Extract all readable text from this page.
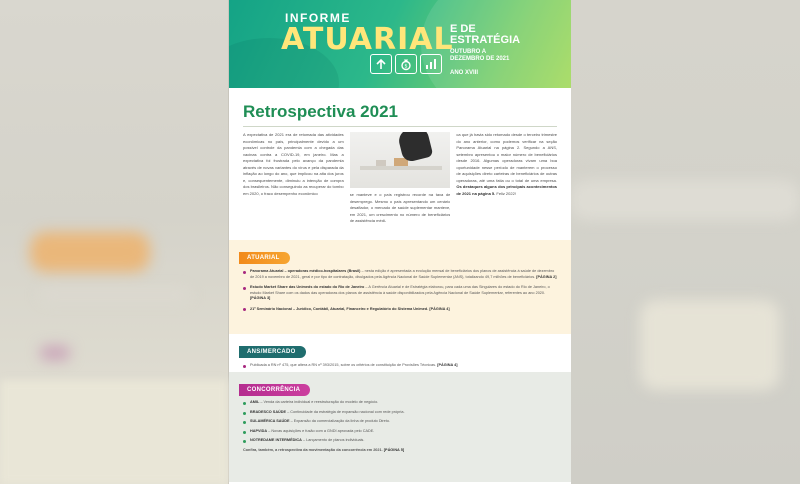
INFORME
ATUARIAL
E DE
ESTRATÉGIA
OUTUBRO A
DEZEMBRO DE 2021
ANO XVIII
$
Retrospectiva 2021

A expectativa de 2021 era de retomada das atividades econômicas no país, principalmente devido a um possível controle da pandemia com a chegada das vacinas contra a COVID-19, em janeiro. Mas a expectativa foi frustrada pelo avanço da pandemia através de novas variantes do vírus e pela disparada da inflação ao longo do ano, que implicou na alta dos juros e, consequentemente, diminuiu a intenção de compra dos brasileiros. Não conseguindo as recuperar do tombo em 2020, o fraco desempenho econômico	se manteve e o país registrou recorde na taxa de desemprego. Mesmo o país apresentando um cenário desafiador, o mercado de saúde suplementar manteve, em 2021, um crescimento no número de beneficiários de assistência médi-

ca que já havia sido retomado desde o terceiro trimestre do ano anterior, como podemos verificar na seção Panorama Atuarial na página 2. Segundo a ANS, setembro apresentou o maior número de beneficiários desde 2016. Algumas operadoras vivam uma boa oportunidade nesse período de manterem o processo de aquisições direto carteiras de beneficiários de outras operadoras, até uma fatia ou o total de uma empresa. Os destaques alguns dos principais acontecimentos de 2021 na página 5. Feliz 2022!

ATUARIAL
Panorama Atuarial – operadoras médico-hospitalares (Brasil) – nesta edição é apresentada a evolução mensal de beneficiários dos planos de assistência à saúde de dezembro de 2019 a novembro de 2021, geral e por tipo de contratação, divulgados pela Agência Nacional de Saúde Suplementar (ANS), totalizando 49,7 milhões de beneficiários. [PÁGINA 2]
Estudo Market Share das Unimeds do estado do Rio de Janeiro – A Gerência Atuarial e de Estratégia elaborou, para cada uma das Singulares do estado do Rio de Janeiro, o estudo Market Share com os dados das operadoras dos planos de assistência à saúde disponibilizados pela Agência Nacional de Saúde Suplementar, referentes ao ano 2020. [PÁGINA 3]
21º Seminário Nacional – Jurídico, Contábil, Atuarial, Financeiro e Regulatório do Sistema Unimed. [PÁGINA 4]
ANS/MERCADO
Publicada a RN nº 475, que altera a RN nº 393/2015, sobre os critérios de constituição de Provisões Técnicas. [PÁGINA 4]
CONCORRÊNCIA
AMIL – Venda da carteira individual e reestruturação do modelo de negócio.
BRADESCO SAÚDE – Continuidade da estratégia de expansão nacional com rede própria.
SULAMÉRICA SAÚDE – Expansão da comercialização da linha de produto Direto.
HAPVIDA – Novas aquisições e fusão com a GNDI aprovada pelo CADE.
NOTREDAME INTERMÉDICA – Lançamento de planos individuais.
Confira, também, a retrospectiva da movimentação da concorrência em 2021. [PÁGINA 5]
